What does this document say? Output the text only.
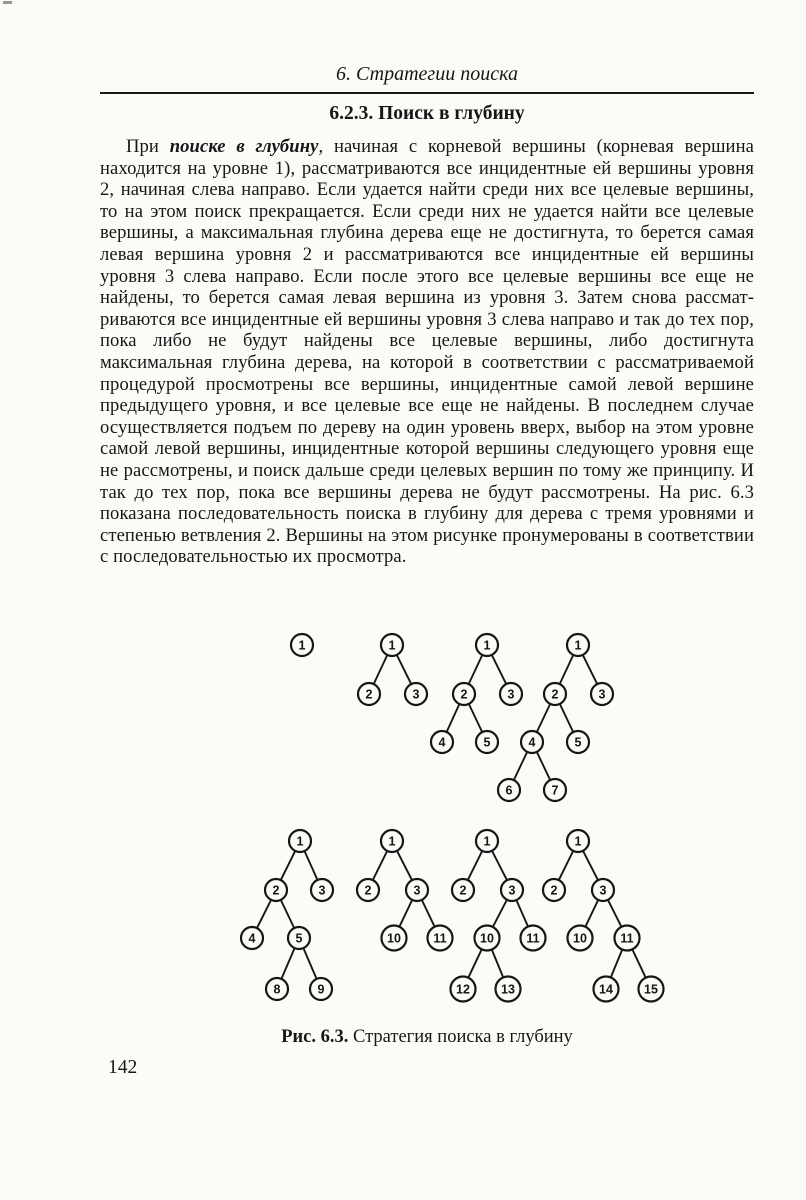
6. Стратегии поиска
6.2.3. Поиск в глубину
При поиске в глубину, начиная с корневой вершины (корневая вершина находится на уровне 1), рассматриваются все инцидентные ей вершины уровня 2, начиная слева направо. Если удается найти среди них все целевые вершины, то на этом поиск прекращается. Если среди них не удается найти все целевые вершины, а максимальная глубина дерева еще не достигнута, то берется самая левая вершина уровня 2 и рассматриваются все инцидентные ей вершины уровня 3 слева направо. Если после этого все целевые вершины все еще не найдены, то берется самая левая вершина из уровня 3. Затем снова рассмат-риваются все инцидентные ей вершины уровня 3 слева направо и так до тех пор, пока либо не будут найдены все целевые вершины, либо достигнута максимальная глубина дерева, на которой в соответствии с рассматриваемой процедурой просмотрены все вершины, инцидентные самой левой вершине предыдущего уровня, и все целевые все еще не найдены. В последнем случае осуществляется подъем по дереву на один уровень вверх, выбор на этом уровне самой левой вершины, инцидентные которой вершины следующего уровня еще не рассмотрены, и поиск дальше среди целевых вершин по тому же принципу. И так до тех пор, пока все вершины дерева не будут рассмотрены. На рис. 6.3 показана последовательность поиска в глубину для дерева с тремя уровнями и степенью ветвления 2. Вершины на этом рисунке пронумерованы в соответствии с последовательностью их просмотра.
1	1
2	3
1
2	3
4	5
1
2	3
4	5
6	7
1
2	3
4	5
8	9
1
2	3
10	11
1
2	3
10	11
12 13
1
2	3
10	11
14 15
Рис. 6.3. Стратегия поиска в глубину
142
